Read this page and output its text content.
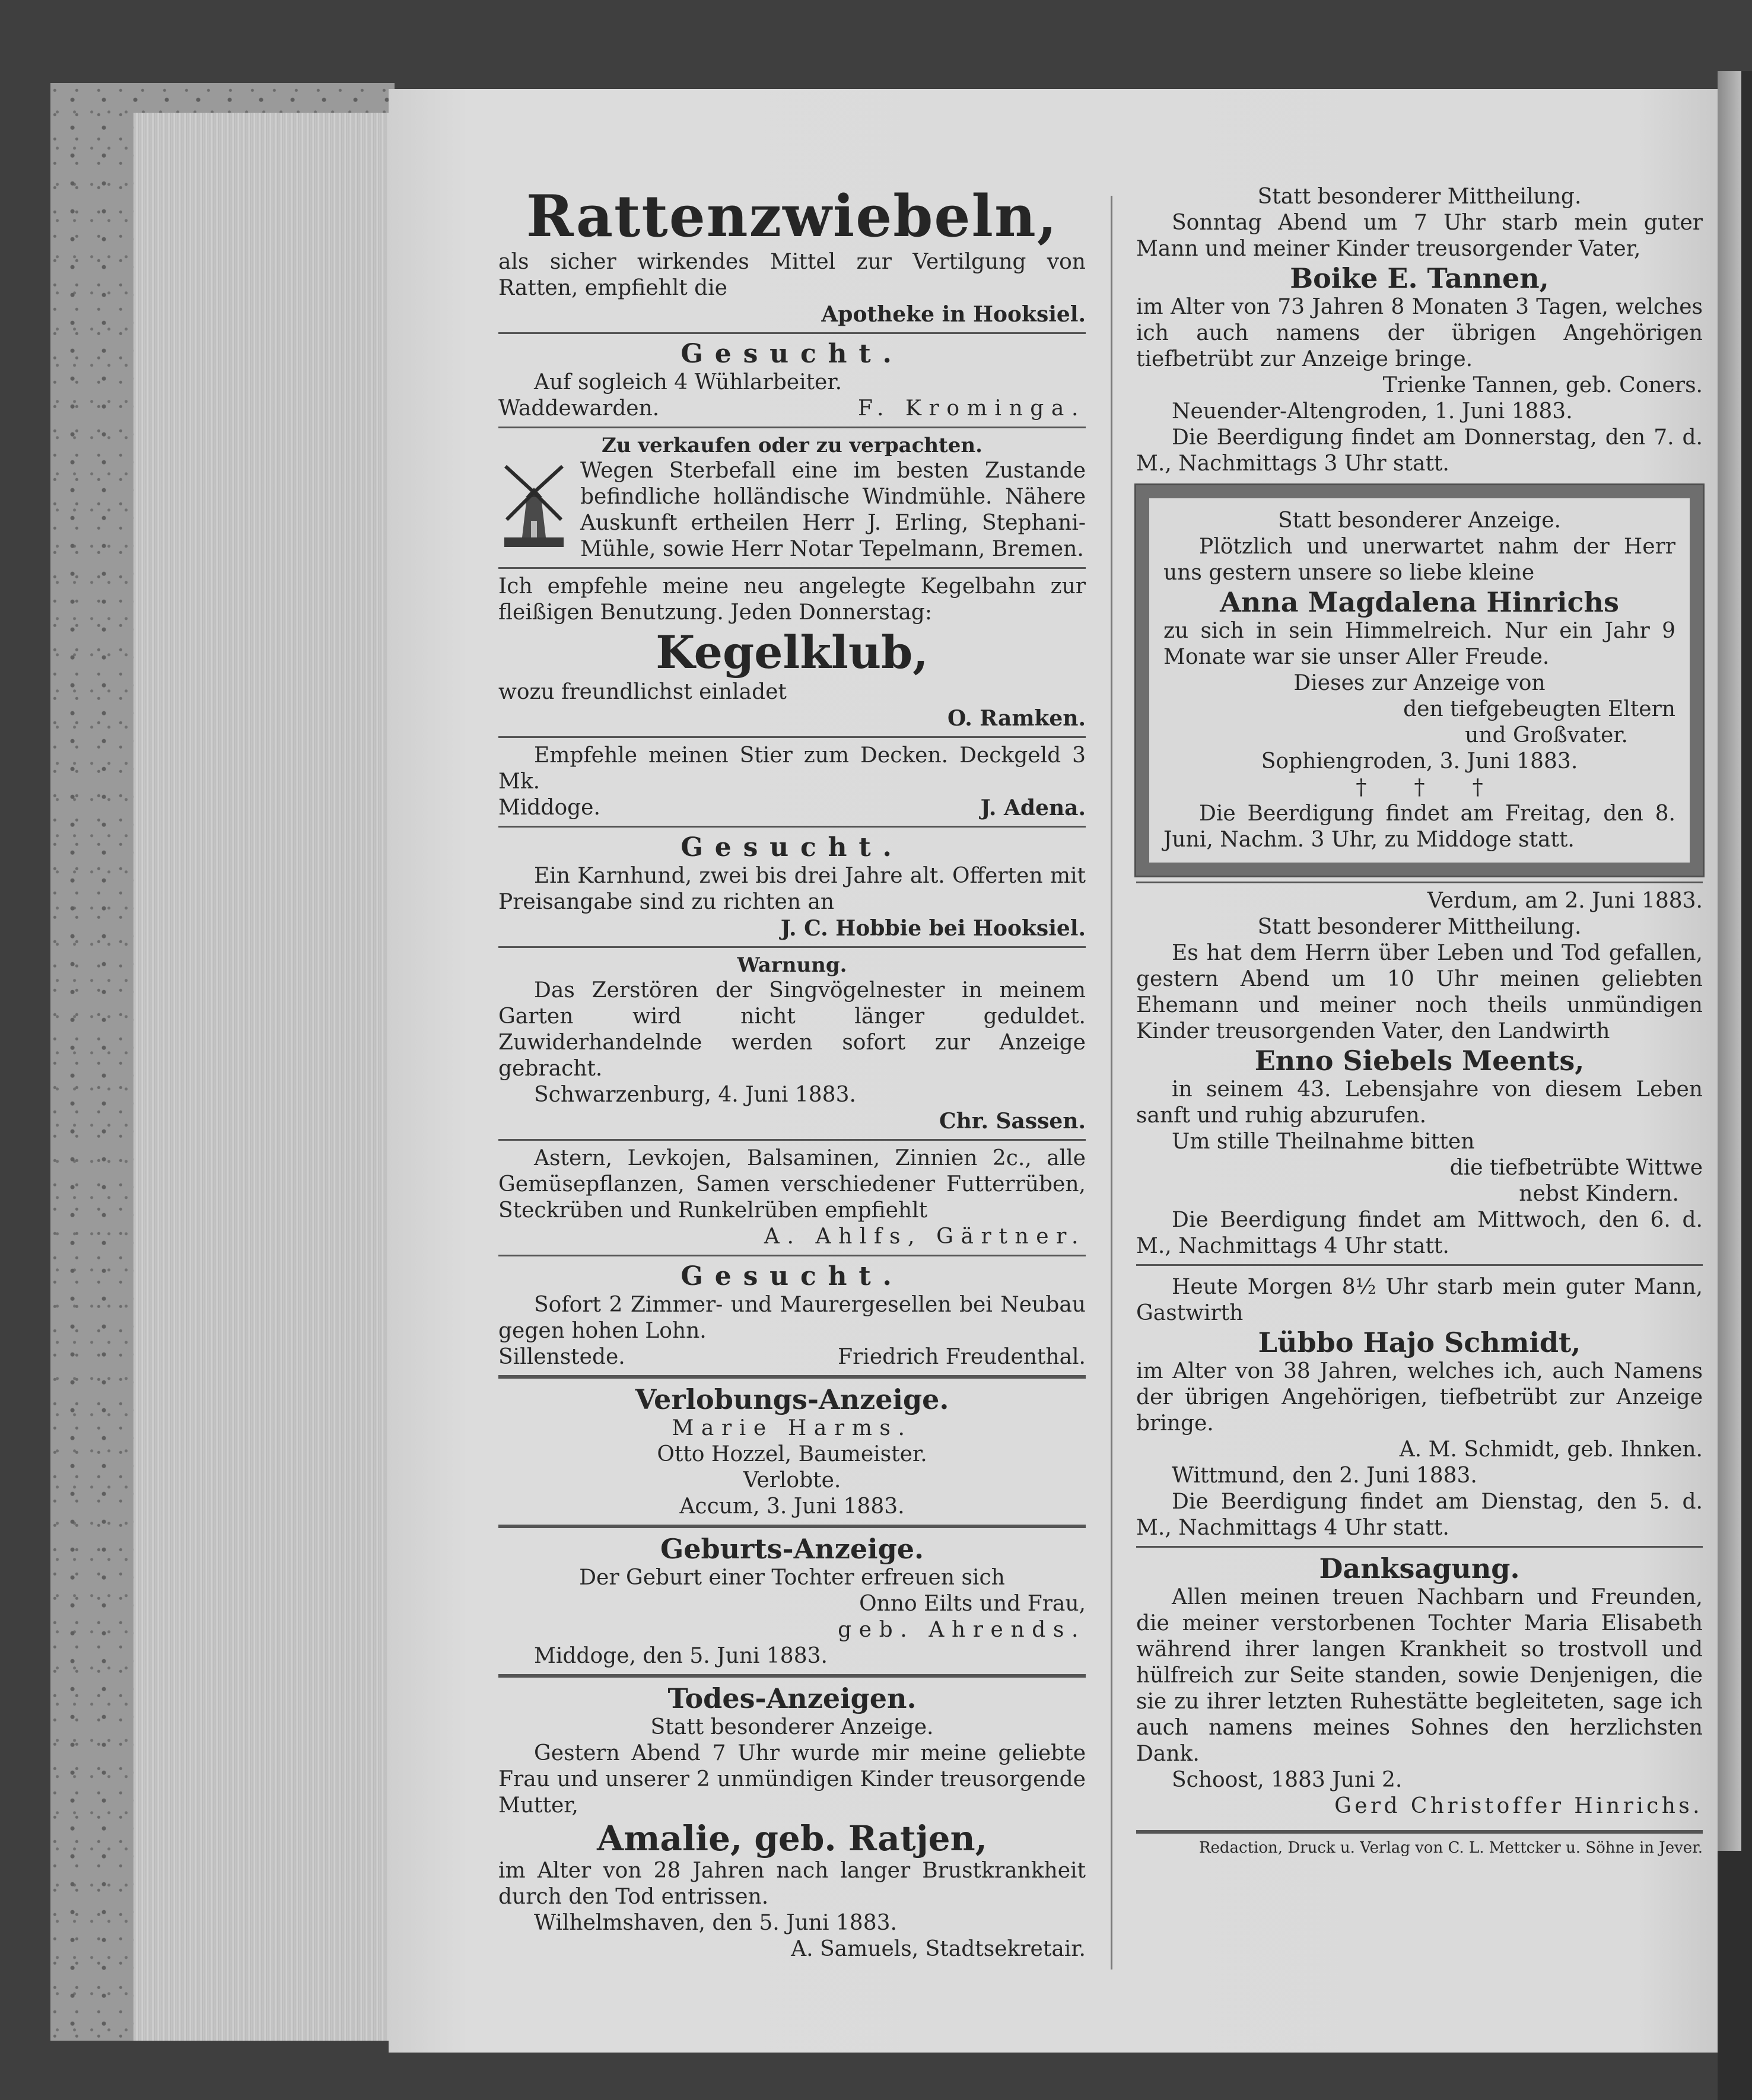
Rattenzwiebeln,
als sicher wirkendes Mittel zur Vertilgung von Ratten, empfiehlt die
Apotheke in Hooksiel.
Gesucht.
Auf sogleich 4 Wühlarbeiter.
Waddewarden.	F. Krominga.
Zu verkaufen oder zu verpachten.
Wegen Sterbefall eine im besten Zustande befindliche holländische Windmühle. Nähere Auskunft ertheilen Herr J. Erling, Stephani-Mühle, sowie Herr Notar Tepelmann, Bremen.
Ich empfehle meine neu angelegte Kegelbahn zur fleißigen Benutzung. Jeden Donnerstag:
Kegelklub,
wozu freundlichst einladet
O. Ramken.
Empfehle meinen Stier zum Decken. Deckgeld 3 Mk.
Middoge.	J. Adena.
Gesucht.
Ein Karnhund, zwei bis drei Jahre alt. Offerten mit Preisangabe sind zu richten an
J. C. Hobbie bei Hooksiel.
Warnung.
Das Zerstören der Singvögelnester in meinem Garten wird nicht länger geduldet. Zuwiderhandelnde werden sofort zur Anzeige gebracht.
Schwarzenburg, 4. Juni 1883.
Chr. Sassen.
Astern, Levkojen, Balsaminen, Zinnien 2c., alle Gemüsepflanzen, Samen verschiedener Futterrüben, Steckrüben und Runkelrüben empfiehlt
A. Ahlfs, Gärtner.
Gesucht.
Sofort 2 Zimmer- und Maurergesellen bei Neubau gegen hohen Lohn.
Sillenstede.	Friedrich Freudenthal.
Verlobungs-Anzeige.
Marie Harms.
Otto Hozzel, Baumeister.
Verlobte.
Accum, 3. Juni 1883.
Geburts-Anzeige.
Der Geburt einer Tochter erfreuen sich
Onno Eilts und Frau,
geb. Ahrends.
Middoge, den 5. Juni 1883.
Todes-Anzeigen.
Statt besonderer Anzeige.
Gestern Abend 7 Uhr wurde mir meine geliebte Frau und unserer 2 unmündigen Kinder treusorgende Mutter,
Amalie, geb. Ratjen,
im Alter von 28 Jahren nach langer Brustkrankheit durch den Tod entrissen.
Wilhelmshaven, den 5. Juni 1883.
A. Samuels, Stadtsekretair.
Statt besonderer Mittheilung.
Sonntag Abend um 7 Uhr starb mein guter Mann und meiner Kinder treusorgender Vater,
Boike E. Tannen,
im Alter von 73 Jahren 8 Monaten 3 Tagen, welches ich auch namens der übrigen Angehörigen tiefbetrübt zur Anzeige bringe.
Trienke Tannen, geb. Coners.
Neuender-Altengroden, 1. Juni 1883.
Die Beerdigung findet am Donnerstag, den 7. d. M., Nachmittags 3 Uhr statt.
Statt besonderer Anzeige.
Plötzlich und unerwartet nahm der Herr uns gestern unsere so liebe kleine
Anna Magdalena Hinrichs
zu sich in sein Himmelreich. Nur ein Jahr 9 Monate war sie unser Aller Freude.
Dieses zur Anzeige von
den tiefgebeugten Eltern
und Großvater.
Sophiengroden, 3. Juni 1883.
†       †       †
Die Beerdigung findet am Freitag, den 8. Juni, Nachm. 3 Uhr, zu Middoge statt.
Verdum, am 2. Juni 1883.
Statt besonderer Mittheilung.
Es hat dem Herrn über Leben und Tod gefallen, gestern Abend um 10 Uhr meinen geliebten Ehemann und meiner noch theils unmündigen Kinder treusorgenden Vater, den Landwirth
Enno Siebels Meents,
in seinem 43. Lebensjahre von diesem Leben sanft und ruhig abzurufen.
Um stille Theilnahme bitten
die tiefbetrübte Wittwe
nebst Kindern.
Die Beerdigung findet am Mittwoch, den 6. d. M., Nachmittags 4 Uhr statt.
Heute Morgen 8½ Uhr starb mein guter Mann, Gastwirth
Lübbo Hajo Schmidt,
im Alter von 38 Jahren, welches ich, auch Namens der übrigen Angehörigen, tiefbetrübt zur Anzeige bringe.
A. M. Schmidt, geb. Ihnken.
Wittmund, den 2. Juni 1883.
Die Beerdigung findet am Dienstag, den 5. d. M., Nachmittags 4 Uhr statt.
Danksagung.
Allen meinen treuen Nachbarn und Freunden, die meiner verstorbenen Tochter Maria Elisabeth während ihrer langen Krankheit so trostvoll und hülfreich zur Seite standen, sowie Denjenigen, die sie zu ihrer letzten Ruhestätte begleiteten, sage ich auch namens meines Sohnes den herzlichsten Dank.
Schoost, 1883 Juni 2.
Gerd Christoffer Hinrichs.
Redaction, Druck u. Verlag von C. L. Mettcker u. Söhne in Jever.
